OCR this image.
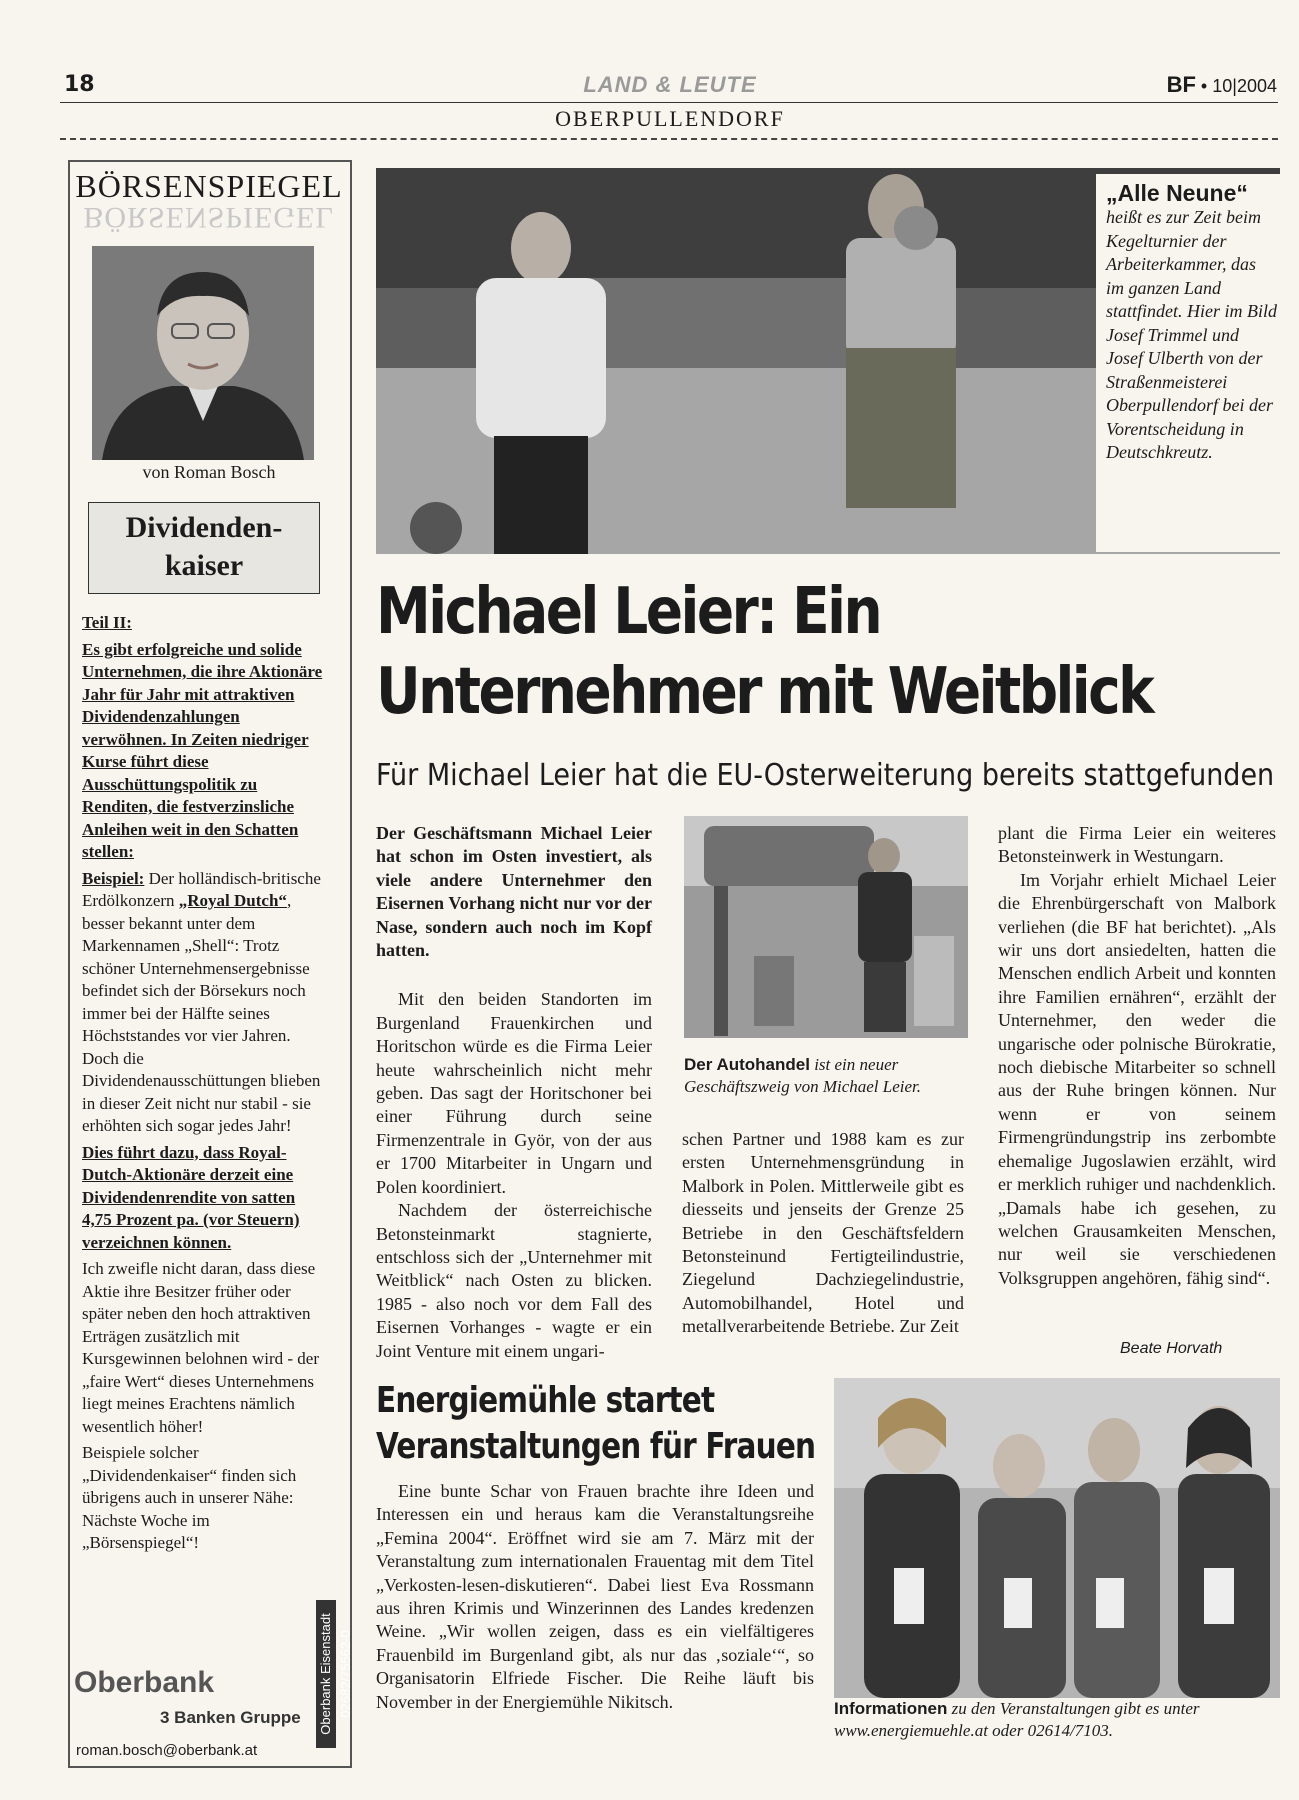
18	LAND & LEUTE	BF • 10|2004
OBERPULLENDORF
BÖRSENSPIEGEL
BÖRSENSPIEGEL
von Roman Bosch
Dividenden-
kaiser

Teil II:

Es gibt erfolgreiche und solide Unternehmen, die ihre Aktionäre Jahr für Jahr mit attraktiven Dividendenzahlungen verwöhnen. In Zeiten niedriger Kurse führt diese Ausschüttungspolitik zu Renditen, die festverzinsliche Anleihen weit in den Schatten stellen:

Beispiel: Der holländisch-britische Erdölkonzern „Royal Dutch“, besser bekannt unter dem Markennamen „Shell“: Trotz schöner Unternehmensergebnisse befindet sich der Börsekurs noch immer bei der Hälfte seines Höchststandes vor vier Jahren. Doch die Dividendenausschüttungen blieben in dieser Zeit nicht nur stabil - sie erhöhten sich sogar jedes Jahr!

Dies führt dazu, dass Royal-Dutch-Aktionäre derzeit eine Dividendenrendite von satten 4,75 Prozent pa. (vor Steuern) verzeichnen können.

Ich zweifle nicht daran, dass diese Aktie ihre Besitzer früher oder später neben den hoch attraktiven Erträgen zusätzlich mit Kursgewinnen belohnen wird - der „faire Wert“ dieses Unternehmens liegt meines Erachtens nämlich wesentlich höher!

Beispiele solcher „Dividendenkaiser“ finden sich übrigens auch in unserer Nähe: Nächste Woche im „Börsenspiegel“!

Oberbank
3 Banken Gruppe
roman.bosch@oberbank.at
Oberbank Eisenstadt 02682/75562-0
„Alle Neune“
heißt es zur Zeit beim Kegelturnier der Arbeiterkammer, das im ganzen Land stattfindet. Hier im Bild Josef Trimmel und Josef Ulberth von der Straßenmeisterei Oberpullendorf bei der Vorentscheidung in Deutschkreutz.
Michael Leier: Ein
Unternehmer mit Weitblick
Für Michael Leier hat die EU-Osterweiterung bereits stattgefunden

Der Geschäftsmann Michael Leier hat schon im Osten investiert, als viele andere Unternehmer den Eisernen Vorhang nicht nur vor der Nase, sondern auch noch im Kopf hatten.

Mit den beiden Standorten im Burgenland Frauenkirchen und Horitschon würde es die Firma Leier heute wahrscheinlich nicht mehr geben. Das sagt der Horitschoner bei einer Führung durch seine Firmenzentrale in Györ, von der aus er 1700 Mitarbeiter in Ungarn und Polen koordiniert.

Nachdem der österreichische Betonsteinmarkt stagnierte, entschloss sich der „Unternehmer mit Weitblick“ nach Osten zu blicken. 1985 - also noch vor dem Fall des Eisernen Vorhanges - wagte er ein Joint Venture mit einem ungari-

Der Autohandel ist ein neuer Geschäftszweig von Michael Leier.

schen Partner und 1988 kam es zur ersten Unternehmensgründung in Malbork in Polen. Mittlerweile gibt es diesseits und jenseits der Grenze 25 Betriebe in den Geschäftsfeldern Betonsteinund Fertigteilindustrie, Ziegelund Dachziegelindustrie, Automobilhandel, Hotel und metallverarbeitende Betriebe. Zur Zeit

plant die Firma Leier ein weiteres Betonsteinwerk in Westungarn.

Im Vorjahr erhielt Michael Leier die Ehrenbürgerschaft von Malbork verliehen (die BF hat berichtet). „Als wir uns dort ansiedelten, hatten die Menschen endlich Arbeit und konnten ihre Familien ernähren“, erzählt der Unternehmer, den weder die ungarische oder polnische Bürokratie, noch diebische Mitarbeiter so schnell aus der Ruhe bringen können. Nur wenn er von seinem Firmengründungstrip ins zerbombte ehemalige Jugoslawien erzählt, wird er merklich ruhiger und nachdenklich. „Damals habe ich gesehen, zu welchen Grausamkeiten Menschen, nur weil sie verschiedenen Volksgruppen angehören, fähig sind“.

Beate Horvath
Energiemühle startet
Veranstaltungen für Frauen

Eine bunte Schar von Frauen brachte ihre Ideen und Interessen ein und heraus kam die Veranstaltungsreihe „Femina 2004“. Eröffnet wird sie am 7. März mit der Veranstaltung zum internationalen Frauentag mit dem Titel „Verkosten-lesen-diskutieren“. Dabei liest Eva Rossmann aus ihren Krimis und Winzerinnen des Landes kredenzen Weine. „Wir wollen zeigen, dass es ein vielfältigeres Frauenbild im Burgenland gibt, als nur das ‚soziale‘“, so Organisatorin Elfriede Fischer. Die Reihe läuft bis November in der Energiemühle Nikitsch.	Informationen zu den Veranstaltungen gibt es unter www.energiemuehle.at oder 02614/7103.
